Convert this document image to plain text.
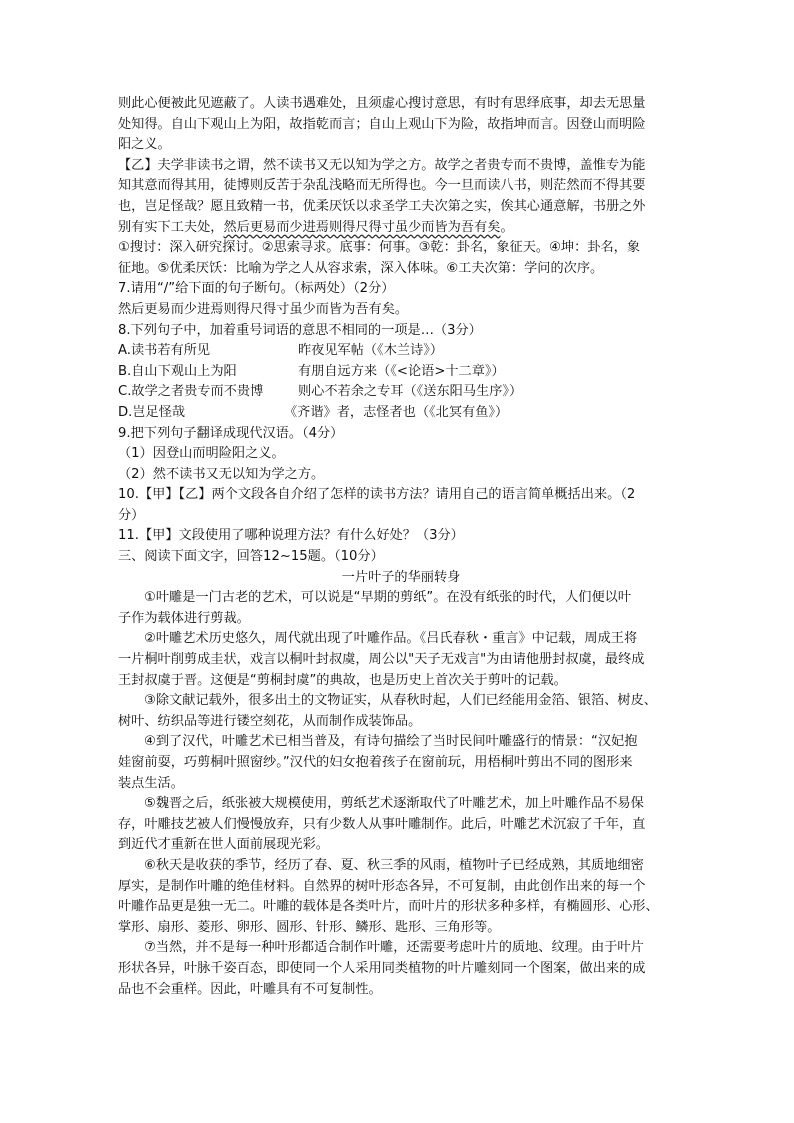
则此心便被此见遮蔽了。人读书遇难处，且须虚心搜讨意思，有时有思绎底事，却去无思量
处知得。自山下观山上为阳，故指乾而言；自山上观山下为险，故指坤而言。因登山而明险
阳之义。
【乙】夫学非读书之谓，然不读书又无以知为学之方。故学之者贵专而不贵博，盖惟专为能
知其意而得其用，徒博则反苦于杂乱浅略而无所得也。今一旦而读八书，则茫然而不得其要
也，岂足怪哉？愿且致精一书，优柔厌饫以求圣学工夫次第之实，俟其心通意解，书册之外
别有实下工夫处，然后更易而少进焉则得尺得寸虽少而皆为吾有矣。
①搜讨：深入研究探讨。②思索寻求。底事：何事。③乾：卦名，象征天。④坤：卦名，象
征地。⑤优柔厌饫：比喻为学之人从容求索，深入体味。⑥工夫次第：学问的次序。
7.请用“/”给下面的句子断句。（标两处）（2分）
然后更易而少进焉则得尺得寸虽少而皆为吾有矣。
8.下列句子中，加着重号词语的意思不相同的一项是…（3分）
A.读书若有所见	昨夜见军帖（《木兰诗》）
B.自山下观山上为阳	有朋自远方来（《<论语>十二章》）
C.故学之者贵专而不贵博	则心不若余之专耳（《送东阳马生序》）
D.岂足怪哉	《齐谐》者，志怪者也（《北冥有鱼》）
9.把下列句子翻译成现代汉语。（4分）
（1）因登山而明险阳之义。
（2）然不读书又无以知为学之方。
10.【甲】【乙】两个文段各自介绍了怎样的读书方法？请用自己的语言简单概括出来。（2
分）
11.【甲】文段使用了哪种说理方法？有什么好处？（3分）
三、阅读下面文字，回答12~15题。（10分）
一片叶子的华丽转身
①叶雕是一门古老的艺术，可以说是“早期的剪纸”。在没有纸张的时代，人们便以叶
子作为载体进行剪裁。
②叶雕艺术历史悠久，周代就出现了叶雕作品。《吕氏春秋・重言》中记载，周成王将
一片桐叶削剪成圭状，戏言以桐叶封叔虞，周公以"天子无戏言"为由请他册封叔虞，最终成
王封叔虞于晋。这便是“剪桐封虞”的典故，也是历史上首次关于剪叶的记载。
③除文献记载外，很多出土的文物证实，从春秋时起，人们已经能用金箔、银箔、树皮、
树叶、纺织品等进行镂空刻花，从而制作成装饰品。
④到了汉代，叶雕艺术已相当普及，有诗句描绘了当时民间叶雕盛行的情景：“汉妃抱
娃窗前耍，巧剪桐叶照窗纱。”汉代的妇女抱着孩子在窗前玩，用梧桐叶剪出不同的图形来
装点生活。
⑤魏晋之后，纸张被大规模使用，剪纸艺术逐渐取代了叶雕艺术，加上叶雕作品不易保
存，叶雕技艺被人们慢慢放弃，只有少数人从事叶雕制作。此后，叶雕艺术沉寂了千年，直
到近代才重新在世人面前展现光彩。
⑥秋天是收获的季节，经历了春、夏、秋三季的风雨，植物叶子已经成熟，其质地细密
厚实，是制作叶雕的绝佳材料。自然界的树叶形态各异，不可复制，由此创作出来的每一个
叶雕作品更是独一无二。叶雕的载体是各类叶片，而叶片的形状多种多样，有椭圆形、心形、
掌形、扇形、菱形、卵形、圆形、针形、鳞形、匙形、三角形等。
⑦当然，并不是每一种叶形都适合制作叶雕，还需要考虑叶片的质地、纹理。由于叶片
形状各异，叶脉千姿百态，即使同一个人采用同类植物的叶片雕刻同一个图案，做出来的成
品也不会重样。因此，叶雕具有不可复制性。
